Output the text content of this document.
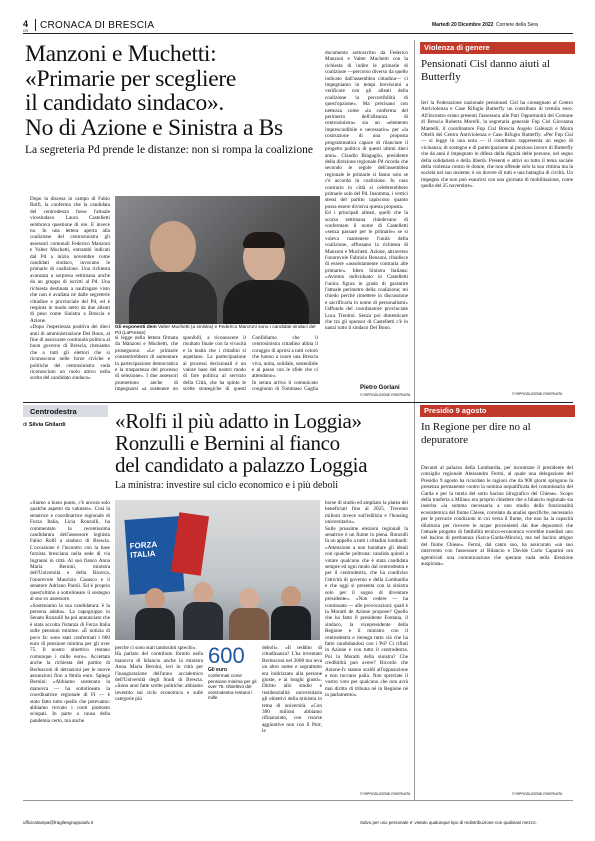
4
CR CRONACA DI BRESCIA	Martedì 20 Dicembre 2022 Corriere della Sera
Manzoni e Muchetti:
«Primarie per scegliere
il candidato sindaco».
No di Azione e Sinistra a Bs
La segreteria Pd prende le distanze: non si rompa la coalizione
Dopo la discesa in campo di Fabio Rolfi, la conferma che la candidata del centrodestra fosse l'attuale vicesindaco Laura Castelletti sembrava questione di ore. E invece no. In una lettera aperta alla coalizione del centrosinistra gli assessori comunali Federico Manzoni e Valter Muchetti, entrambi indicati dal Pd a inizio novembre come candidati sindaco, invocano le primarie di coalizione. Una richiesta avanzata a sorpresa settimana anche da un gruppo di iscritti al Pd. Una richiesta destinata a naufragare visto che non è avallata né dalle segreterie cittadine e provinciale del Pd, ed è respinta in modo netto da due alleati di peso come Sinistra a Brescia e Azione.
«Dopo l'esperienza positiva dei dieci anni di amministrazione Del Bono, al fine di assicurare continuità politica al buon governo di Brescia, riteniamo che a tutti gli elettori che si riconoscono nelle forze civiche e politiche del centrosinistra vada riconosciuto un ruolo attivo nella scelta del candidato sindaco»
Gli esponenti dem Valter Muchetti (a sinistra) e Federico Manzoni sono i candidati sindaci del Pd (LaPresse)
si legge nella lettera firmata da Manzoni e Muchetti, che proseguono: «Le primarie consentirebbero di aumentare la partecipazione democratica e la trasparenza del processo di selezione». I due assessori promettono anche di impegnarsi «a sostenere un
sponibili, a riconoscere il risultato finale con la vivacità e la lealtà che i cittadini si aspettano. La partecipazione ai processi decisionali è un valore base del nostro modo di fare politica al servizio della Città, che ha spinto le scelte strategiche di questi
Confidiamo che il centrosinistra cittadino abbia il coraggio di aprirsi a tutti coloro che hanno a cuore una Brescia viva, unita, solidale, sostenibile e al passo con le sfide che ci attendono».
In serata arriva il comunicato congiunto di Tommaso Gaglia
documento sottoscritto da Federico Manzoni e Valter Muchetti con la richiesta di indire le primarie di coalizione —percorso diverso da quello indicato dall'assemblea cittadina— ci impegniamo in tempi brevissimi a verificare con gli alleati della coalizione la percorribilità di quest'opzione». Ma precisano con nettezza come «la conferma del perimetro dell'alleanza di centrosinistra» sia un «elemento imprescindibile e necessario» per «la costruzione di una proposta programmatica capace di rilanciare il progetto politico di questi ultimi dieci anni». Claudio Bragaglio, presidente della direzione regionale Pd ricorda che secondo le regole dell'assemblea regionale le primarie si fanno solo se c'è accordo in coalizione. In caso contrario in città si celebrerebbero primarie solo del Pd. Insomma, i vertici stessi del partito capiscono quanto possa essere divisiva questa proposta.
Ed i principali alleati, quelli che la scorsa settimana chiedevano di confermare il nome di Castelletti «senza passare per le primarie» se si voleva mantenere l'unità della coalizione, affossano la richiesta di Manzoni e Muchetti. Azione, attraverso l'onorevole Fabrizio Benzoni, ribadisce di essere «assolutamente contraria alle primarie». Idem Sinistra Italiana: «Avremo individuato in Castelletti l'unica figura in grado di garantire l'attuale perimetro della coalizione; mi chiedo perché rimettere in discussione e sacrificarla in nome di personalismi» l'affondo del coordinatore provinciale Luca Trentini. Senza poi dimenticare che tra gli sponsor di Castelletti c'è in nanzi tutto il sindaco Del Bono.
Pietro Gorlani
© RIPRODUZIONE RISERVATA
Violenza di genere
Pensionati Cisl danno aiuti al Butterfly
Ieri la Federazione nazionale pensionati Cisl ha consegnato al Centro Antiviolenza e Case Rifugio Butterfly un contributo di tremila euro. All'incontro erano presenti l'assessora alle Pari Opportunità del Comune di Brescia Roberta Morelli, la segretaria generale Fnp Cisl Giovanna Mantelli, il coordinatore Fnp Cisl Brescia Angelo Galeazzi e Moira Ottelli del Centro Antiviolenza e Case Rifugio Butterfly. «Per Fnp Cisl — si legge in una nota — il contributo rappresenta un segno di vicinanza, di sostegno e di partecipazione al prezioso lavoro di Butterfly che da anni è impegnato in difesa della dignità delle persone, nel segno della solidarietà e della libertà. Presenti e attivi su tutto il tema sociale della violenza contro le donne, che non offende solo la sua vittima ma la società nel suo insieme, è un dovere di tutti e una battaglia di civiltà. Un impegno che non può esaurirsi con una giornata di mobilitazione, come quella del 25 novembre».
© RIPRODUZIONE RISERVATA
Centrodestra
di Silvia Ghilardi «Rolfi il più adatto in Loggia»
Ronzulli e Bernini al fianco
del candidato a palazzo Loggia
La ministra: investire sul ciclo economico e i più deboli
«Siamo a buon punto, c'è ancora solo qualche aspetto da valutare». Così la senatrice e coordinatrice regionale di Forza Italia, Licia Ronzulli, ha commentato la recentissima candidatura dell'assessore leghista Fabio Rolfi a sindaco di Brescia. L'occasione è l'incontro con la base forzista bresciana nella sede di via Ingranni in città. Al suo fianco Anna Maria Bernini, ministra dell'Università e della Ricerca, l'onorevole Maurizio Casasco e il senatore Adriano Paroli. Ed è proprio quest'ultimo a sottolineare il sostegno al suo ex assessore.
«Sosteniamo la sua candidatura: è la persona adatta». La capogruppo in Senato Ronzulli ha poi annunciato che è stata accolta l'istanza di Forza Italia sulle pensioni minime. «È notizia di poco fa: sono stati confermati i 600 euro di pensione minima per gli over 75. Il nostro obiettivo restano comunque i mille euro». Accettata anche la richiesta del partito di Berlusconi di detrazioni per le nuove assunzioni fino a 8mila euro. Spiega Bernini: «Abbiamo sostenuto la manovra — ha sottolineato la coordinatrice regionale di FI — è stato fatto tutto quello che potevamo: abbiamo trovato i conti piuttosto sciupati. In parte a causa della pandemia certo, ma anche
FORZA ITALIA
perché ci sono stati tantissimi sprechi».
Ha parlato del contributo fornito nella manovra di bilancio anche la ministra Anna Maria Bernini, ieri in città per l'inaugurazione dell'anno accademico dell'Università degli Studi di Brescia. «Sono anni fatte scelte politiche: abbiamo investito sul ciclo economico e sulle categorie più
600
Gli euro
confermati come pensione minima per gli over 75. Obiettivo del centrodestra restano i mille
deboli». «Il reddito di cittadinanza? L'ha inventato Berlusconi nel 2008 ma ieva un altro nome e soprattutto era indirizzato alla persone giuste, e ai luoghi giusti». Diritto allo studio e residenzialità universitaria gli obiettivi della ministra in tema di università. «Con 300 milioni abbiamo rifinanziato, con risorse aggiuntive non con il Pnrr, le
borse di studio ed ampliato la platea dei beneficiari fino al 2025. Trecento milioni invece sull'edilizia e l'housing universitario».
Sulle prossime elezioni regionali la senatrice è un fiume in piena. Ronzulli fa un appello a tutti i cittadini lombardi: «Attenzione a non barattare gli ideali con qualche poltrona: candida quindi a votare qualcuno che è stata candidata sempre ed ogni modo dal centrodestra e per il centrodestra, che ha condiviso l'attività di governo e della Lombardia e che oggi si presenta con la sinistra solo per il sogno di diventare presidente». «Non cedere — ha continuato — alle provocazioni: quali è la Moratti de Azione propone? Quello che ha fatto il presidente Fontana, il sindaco, la vicepresidente della Regione e il ministro con il centrodestra e rinnega tutto ciò che ha fatto candidandosi con i Pd? Ci rifiuti in Azione e con tutto il centrodestra. Poi la Moratti della sinistra? Che credibilità può avere? Ricordo che Azione-Iv stanno scaldi all'opposizione e non toccano palla. Non spreciate il vostro voto per qualcuno che non avrà mai diritto di tribuna né in Regione né in parlamento».
© RIPRODUZIONE RISERVATA
Presidio 9 agosto
In Regione per dire no al depuratore
Davanti al palazzo della Lombardia, per incontrare il presidente del consiglio regionale Alessandro Fermi, al quale una delegazione del Presidio 9 agosto ha ricordato le ragioni che da 900 giorni spingono la presenza permanente contro la nomina inqualificata del commissario del Garda e per la tutela del sotto bacino idrografico del Chiese». Scopo della trasferta a Milano era proprio chiedere che a bilancio regionale sia inserita «la somma necessaria a uno studio della funzionalità ecosistemica del fiume Chiese, correlato da analisi specifiche, necessario per le precarie condizioni in cui versa il fiume, che non ha la capacità diluitoria per ricevere le acque provenienti dai due depuratori che l'attuale progetto di fattibilità tecnico-economica vorrebbe insediati uno nel bacino di pertinenza (Sarca-Garda-Mincio), ma nel bacino attiguo del fiume Chiese». Fermi, dal canto suo, ha assicurato «un suo intervento con l'assessore al Bilancio e Davide Carlo Caparini ora agentivisti una comunicazione che sperano vada nella direzione auspicata».
© RIPRODUZIONE RISERVATA
ufficiostampa@fragilesgruppoadv.it	Salvo per uso personale e' vietato qualunque tipo di redistribuzione con qualsiasi mezzo.
